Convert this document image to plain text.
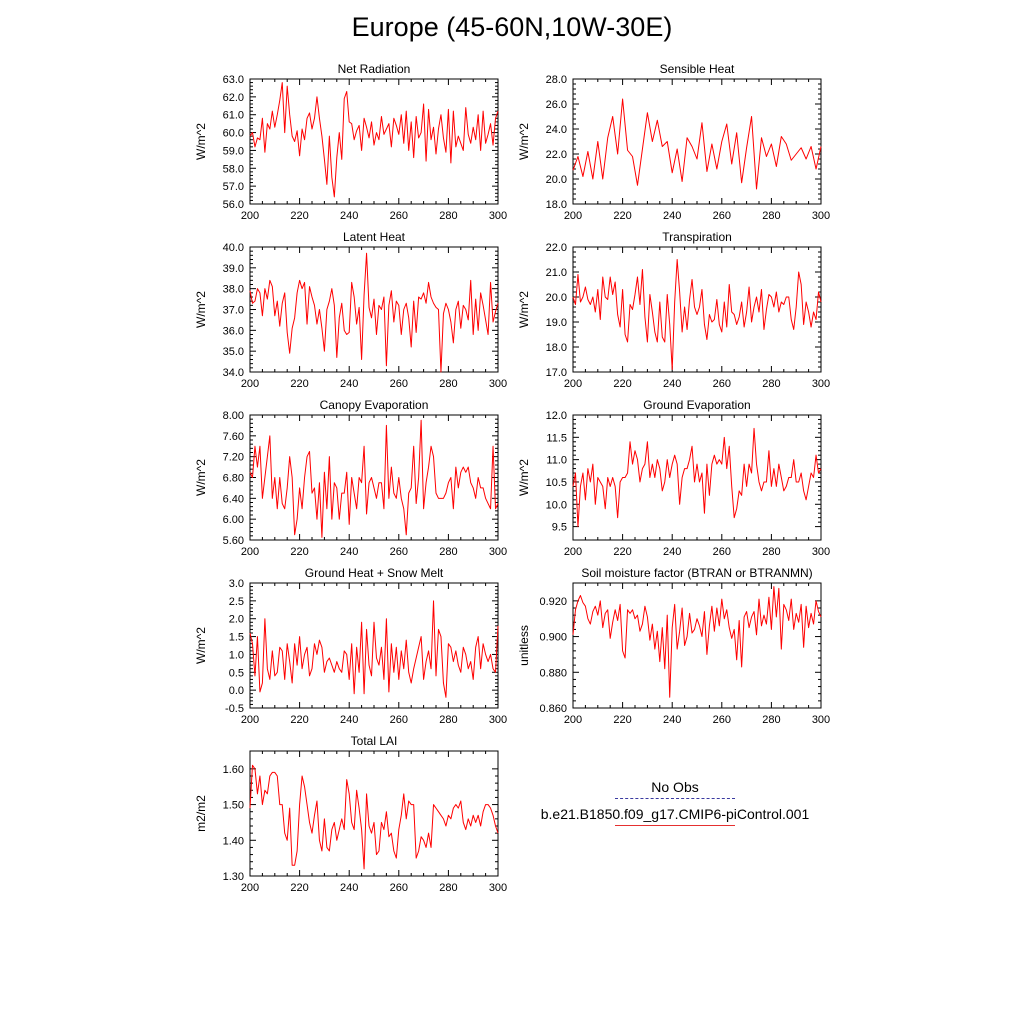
Europe (45-60N,10W-30E)
Net Radiation
W/m^2
200	220	240	260	280	300
56.0
57.0
58.0
59.0
60.0
61.0
62.0
63.0
Sensible Heat
W/m^2
200	220	240	260	280	300
18.0
20.0
22.0
24.0
26.0
28.0
Latent Heat
W/m^2
200	220	240	260	280	300
34.0
35.0
36.0
37.0
38.0
39.0
40.0
Transpiration
W/m^2
200	220	240	260	280	300
17.0
18.0
19.0
20.0
21.0
22.0
Canopy Evaporation
W/m^2
200	220	240	260	280	300
5.60
6.00
6.40
6.80
7.20
7.60
8.00
Ground Evaporation
W/m^2
200	220	240	260	280	300
9.5
10.0
10.5
11.0
11.5
12.0
Ground Heat + Snow Melt
W/m^2
200	220	240	260	280	300
-0.5
0.0
0.5
1.0
1.5
2.0
2.5
3.0
Soil moisture factor (BTRAN or BTRANMN)
unitless
200	220	240	260	280	300
0.860
0.880
0.900
0.920
Total LAI
m2/m2
200	220	240	260	280	300
1.30
1.40
1.50
1.60
No Obs
b.e21.B1850.f09_g17.CMIP6-piControl.001
